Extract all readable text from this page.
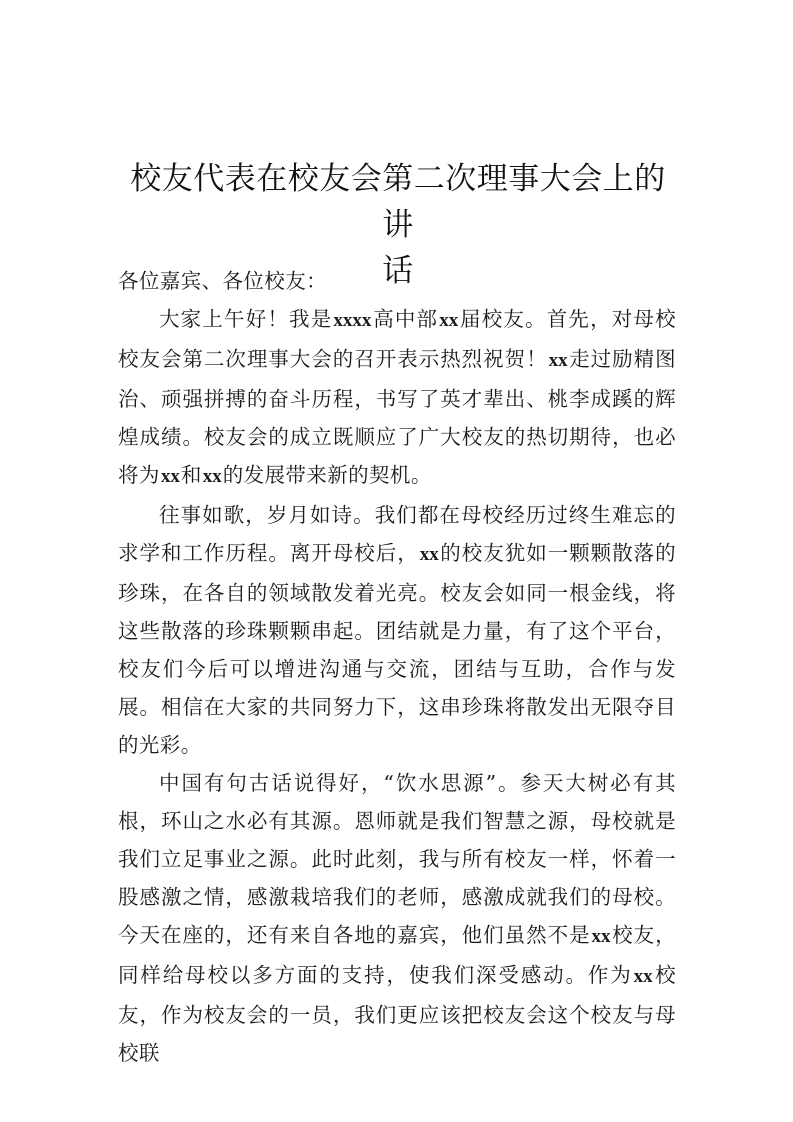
校友代表在校友会第二次理事大会上的讲
话

各位嘉宾、各位校友：

大家上午好！我是xxxx高中部xx届校友。首先，对母校校友会第二次理事大会的召开表示热烈祝贺！xx走过励精图治、顽强拼搏的奋斗历程，书写了英才辈出、桃李成蹊的辉煌成绩。校友会的成立既顺应了广大校友的热切期待，也必将为xx和xx的发展带来新的契机。

往事如歌，岁月如诗。我们都在母校经历过终生难忘的求学和工作历程。离开母校后，xx的校友犹如一颗颗散落的珍珠，在各自的领域散发着光亮。校友会如同一根金线，将这些散落的珍珠颗颗串起。团结就是力量，有了这个平台，校友们今后可以增进沟通与交流，团结与互助，合作与发展。相信在大家的共同努力下，这串珍珠将散发出无限夺目的光彩。

中国有句古话说得好，“饮水思源”。参天大树必有其根，环山之水必有其源。恩师就是我们智慧之源，母校就是我们立足事业之源。此时此刻，我与所有校友一样，怀着一股感激之情，感激栽培我们的老师，感激成就我们的母校。今天在座的，还有来自各地的嘉宾，他们虽然不是xx校友，同样给母校以多方面的支持，使我们深受感动。作为xx校友，作为校友会的一员，我们更应该把校友会这个校友与母校联
